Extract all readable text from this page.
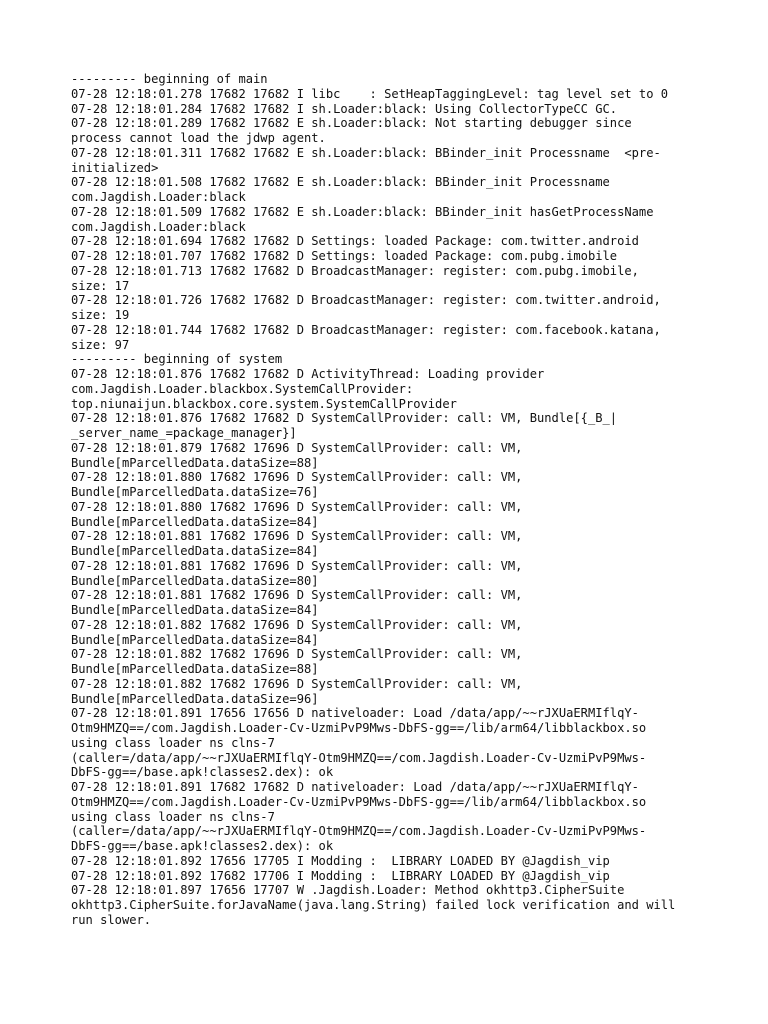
--------- beginning of main
07-28 12:18:01.278 17682 17682 I libc    : SetHeapTaggingLevel: tag level set to 0
07-28 12:18:01.284 17682 17682 I sh.Loader:black: Using CollectorTypeCC GC.
07-28 12:18:01.289 17682 17682 E sh.Loader:black: Not starting debugger since
process cannot load the jdwp agent.
07-28 12:18:01.311 17682 17682 E sh.Loader:black: BBinder_init Processname  <pre-
initialized>
07-28 12:18:01.508 17682 17682 E sh.Loader:black: BBinder_init Processname
com.Jagdish.Loader:black
07-28 12:18:01.509 17682 17682 E sh.Loader:black: BBinder_init hasGetProcessName
com.Jagdish.Loader:black
07-28 12:18:01.694 17682 17682 D Settings: loaded Package: com.twitter.android
07-28 12:18:01.707 17682 17682 D Settings: loaded Package: com.pubg.imobile
07-28 12:18:01.713 17682 17682 D BroadcastManager: register: com.pubg.imobile,
size: 17
07-28 12:18:01.726 17682 17682 D BroadcastManager: register: com.twitter.android,
size: 19
07-28 12:18:01.744 17682 17682 D BroadcastManager: register: com.facebook.katana,
size: 97
--------- beginning of system
07-28 12:18:01.876 17682 17682 D ActivityThread: Loading provider
com.Jagdish.Loader.blackbox.SystemCallProvider:
top.niunaijun.blackbox.core.system.SystemCallProvider
07-28 12:18:01.876 17682 17682 D SystemCallProvider: call: VM, Bundle[{_B_|
_server_name_=package_manager}]
07-28 12:18:01.879 17682 17696 D SystemCallProvider: call: VM,
Bundle[mParcelledData.dataSize=88]
07-28 12:18:01.880 17682 17696 D SystemCallProvider: call: VM,
Bundle[mParcelledData.dataSize=76]
07-28 12:18:01.880 17682 17696 D SystemCallProvider: call: VM,
Bundle[mParcelledData.dataSize=84]
07-28 12:18:01.881 17682 17696 D SystemCallProvider: call: VM,
Bundle[mParcelledData.dataSize=84]
07-28 12:18:01.881 17682 17696 D SystemCallProvider: call: VM,
Bundle[mParcelledData.dataSize=80]
07-28 12:18:01.881 17682 17696 D SystemCallProvider: call: VM,
Bundle[mParcelledData.dataSize=84]
07-28 12:18:01.882 17682 17696 D SystemCallProvider: call: VM,
Bundle[mParcelledData.dataSize=84]
07-28 12:18:01.882 17682 17696 D SystemCallProvider: call: VM,
Bundle[mParcelledData.dataSize=88]
07-28 12:18:01.882 17682 17696 D SystemCallProvider: call: VM,
Bundle[mParcelledData.dataSize=96]
07-28 12:18:01.891 17656 17656 D nativeloader: Load /data/app/~~rJXUaERMIflqY-
Otm9HMZQ==/com.Jagdish.Loader-Cv-UzmiPvP9Mws-DbFS-gg==/lib/arm64/libblackbox.so
using class loader ns clns-7
(caller=/data/app/~~rJXUaERMIflqY-Otm9HMZQ==/com.Jagdish.Loader-Cv-UzmiPvP9Mws-
DbFS-gg==/base.apk!classes2.dex): ok
07-28 12:18:01.891 17682 17682 D nativeloader: Load /data/app/~~rJXUaERMIflqY-
Otm9HMZQ==/com.Jagdish.Loader-Cv-UzmiPvP9Mws-DbFS-gg==/lib/arm64/libblackbox.so
using class loader ns clns-7
(caller=/data/app/~~rJXUaERMIflqY-Otm9HMZQ==/com.Jagdish.Loader-Cv-UzmiPvP9Mws-
DbFS-gg==/base.apk!classes2.dex): ok
07-28 12:18:01.892 17656 17705 I Modding :  LIBRARY LOADED BY @Jagdish_vip
07-28 12:18:01.892 17682 17706 I Modding :  LIBRARY LOADED BY @Jagdish_vip
07-28 12:18:01.897 17656 17707 W .Jagdish.Loader: Method okhttp3.CipherSuite
okhttp3.CipherSuite.forJavaName(java.lang.String) failed lock verification and will
run slower.
